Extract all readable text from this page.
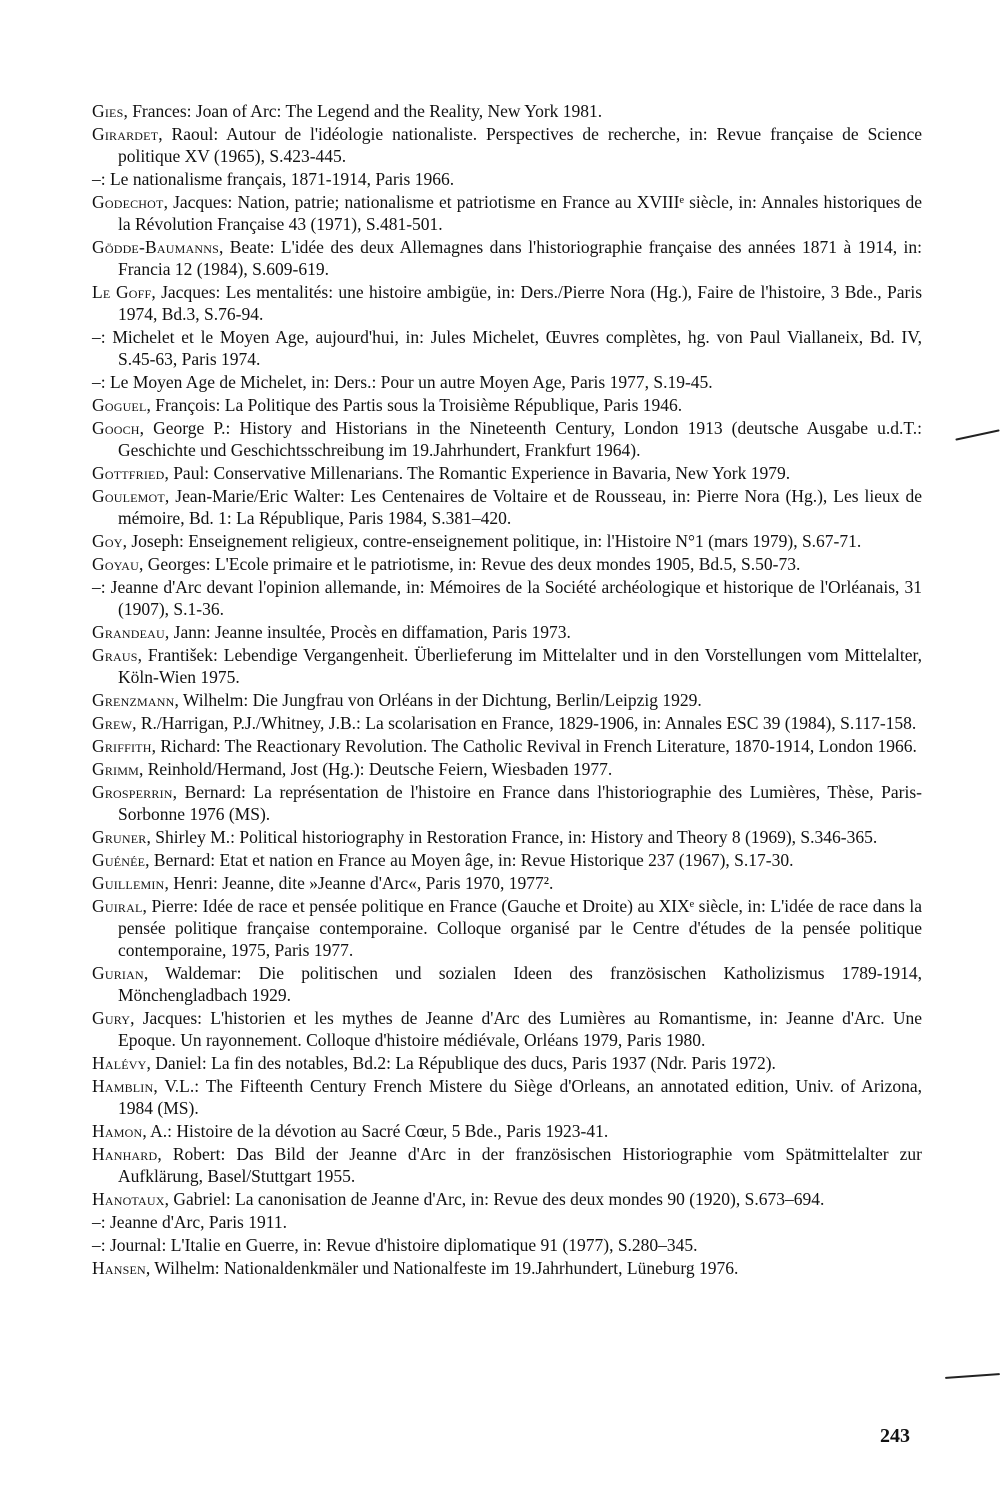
Gies, Frances: Joan of Arc: The Legend and the Reality, New York 1981.
Girardet, Raoul: Autour de l'idéologie nationaliste. Perspectives de recherche, in: Revue française de Science politique XV (1965), S.423-445.
–: Le nationalisme français, 1871-1914, Paris 1966.
Godechot, Jacques: Nation, patrie; nationalisme et patriotisme en France au XVIIIᵉ siècle, in: Annales historiques de la Révolution Française 43 (1971), S.481-501.
Gödde-Baumanns, Beate: L'idée des deux Allemagnes dans l'historiographie française des années 1871 à 1914, in: Francia 12 (1984), S.609-619.
Le Goff, Jacques: Les mentalités: une histoire ambigüe, in: Ders./Pierre Nora (Hg.), Faire de l'histoire, 3 Bde., Paris 1974, Bd.3, S.76-94.
–: Michelet et le Moyen Age, aujourd'hui, in: Jules Michelet, Œuvres complètes, hg. von Paul Viallaneix, Bd. IV, S.45-63, Paris 1974.
–: Le Moyen Age de Michelet, in: Ders.: Pour un autre Moyen Age, Paris 1977, S.19-45.
Goguel, François: La Politique des Partis sous la Troisième République, Paris 1946.
Gooch, George P.: History and Historians in the Nineteenth Century, London 1913 (deutsche Ausgabe u.d.T.: Geschichte und Geschichtsschreibung im 19.Jahrhundert, Frankfurt 1964).
Gottfried, Paul: Conservative Millenarians. The Romantic Experience in Bavaria, New York 1979.
Goulemot, Jean-Marie/Eric Walter: Les Centenaires de Voltaire et de Rousseau, in: Pierre Nora (Hg.), Les lieux de mémoire, Bd. 1: La République, Paris 1984, S.381–420.
Goy, Joseph: Enseignement religieux, contre-enseignement politique, in: l'Histoire N°1 (mars 1979), S.67-71.
Goyau, Georges: L'Ecole primaire et le patriotisme, in: Revue des deux mondes 1905, Bd.5, S.50-73.
–: Jeanne d'Arc devant l'opinion allemande, in: Mémoires de la Société archéologique et historique de l'Orléanais, 31 (1907), S.1-36.
Grandeau, Jann: Jeanne insultée, Procès en diffamation, Paris 1973.
Graus, František: Lebendige Vergangenheit. Überlieferung im Mittelalter und in den Vorstellungen vom Mittelalter, Köln-Wien 1975.
Grenzmann, Wilhelm: Die Jungfrau von Orléans in der Dichtung, Berlin/Leipzig 1929.
Grew, R./Harrigan, P.J./Whitney, J.B.: La scolarisation en France, 1829-1906, in: Annales ESC 39 (1984), S.117-158.
Griffith, Richard: The Reactionary Revolution. The Catholic Revival in French Literature, 1870-1914, London 1966.
Grimm, Reinhold/Hermand, Jost (Hg.): Deutsche Feiern, Wiesbaden 1977.
Grosperrin, Bernard: La représentation de l'histoire en France dans l'historiographie des Lumières, Thèse, Paris-Sorbonne 1976 (MS).
Gruner, Shirley M.: Political historiography in Restoration France, in: History and Theory 8 (1969), S.346-365.
Guénée, Bernard: Etat et nation en France au Moyen âge, in: Revue Historique 237 (1967), S.17-30.
Guillemin, Henri: Jeanne, dite »Jeanne d'Arc«, Paris 1970, 1977².
Guiral, Pierre: Idée de race et pensée politique en France (Gauche et Droite) au XIXᵉ siècle, in: L'idée de race dans la pensée politique française contemporaine. Colloque organisé par le Centre d'études de la pensée politique contemporaine, 1975, Paris 1977.
Gurian, Waldemar: Die politischen und sozialen Ideen des französischen Katholizismus 1789-1914, Mönchengladbach 1929.
Gury, Jacques: L'historien et les mythes de Jeanne d'Arc des Lumières au Romantisme, in: Jeanne d'Arc. Une Epoque. Un rayonnement. Colloque d'histoire médiévale, Orléans 1979, Paris 1980.
Halévy, Daniel: La fin des notables, Bd.2: La République des ducs, Paris 1937 (Ndr. Paris 1972).
Hamblin, V.L.: The Fifteenth Century French Mistere du Siège d'Orleans, an annotated edition, Univ. of Arizona, 1984 (MS).
Hamon, A.: Histoire de la dévotion au Sacré Cœur, 5 Bde., Paris 1923-41.
Hanhard, Robert: Das Bild der Jeanne d'Arc in der französischen Historiographie vom Spätmittelalter zur Aufklärung, Basel/Stuttgart 1955.
Hanotaux, Gabriel: La canonisation de Jeanne d'Arc, in: Revue des deux mondes 90 (1920), S.673–694.
–: Jeanne d'Arc, Paris 1911.
–: Journal: L'Italie en Guerre, in: Revue d'histoire diplomatique 91 (1977), S.280–345.
Hansen, Wilhelm: Nationaldenkmäler und Nationalfeste im 19.Jahrhundert, Lüneburg 1976.
243
